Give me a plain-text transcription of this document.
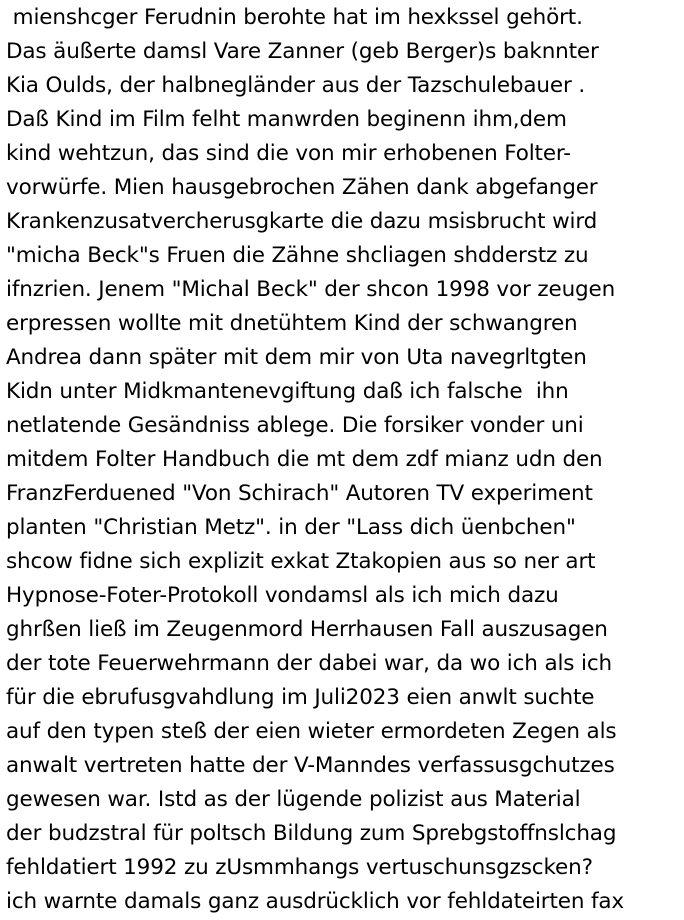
mienshcger Ferudnin berohte hat im hexkssel gehört.
Das äußerte damsl Vare Zanner (geb Berger)s baknnter
Kia Oulds, der halbnegländer aus der Tazschulebauer .
Daß Kind im Film felht manwrden beginenn ihm,dem
kind wehtzun, das sind die von mir erhobenen Folter-
vorwürfe. Mien hausgebrochen Zähen dank abgefanger
Krankenzusatvercherusgkarte die dazu msisbrucht wird
"micha Beck"s Fruen die Zähne shcliagen shdderstz zu
ifnzrien. Jenem "Michal Beck" der shcon 1998 vor zeugen
erpressen wollte mit dnetühtem Kind der schwangren
Andrea dann später mit dem mir von Uta navegrltgten
Kidn unter Midkmantenevgiftung daß ich falsche  ihn
netlatende Gesändniss ablege. Die forsiker vonder uni
mitdem Folter Handbuch die mt dem zdf mianz udn den
FranzFerduened "Von Schirach" Autoren TV experiment
planten "Christian Metz". in der "Lass dich üenbchen"
shcow fidne sich explizit exkat Ztakopien aus so ner art
Hypnose-Foter-Protokoll vondamsl als ich mich dazu
ghrßen ließ im Zeugenmord Herrhausen Fall auszusagen
der tote Feuerwehrmann der dabei war, da wo ich als ich
für die ebrufusgvahdlung im Juli2023 eien anwlt suchte
auf den typen steß der eien wieter ermordeten Zegen als
anwalt vertreten hatte der V-Manndes verfassusgchutzes
gewesen war. Istd as der lügende polizist aus Material
der budzstral für poltsch Bildung zum Sprebgstoffnslchag
fehldatiert 1992 zu zUsmmhangs vertuschunsgzscken?
ich warnte damals ganz ausdrücklich vor fehldateirten fax
